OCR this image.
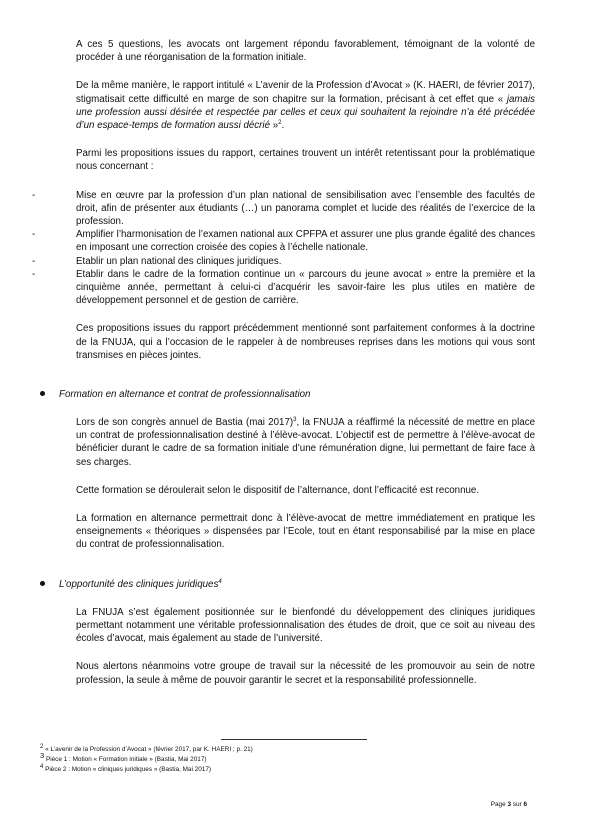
A ces 5 questions, les avocats ont largement répondu favorablement, témoignant de la volonté de procéder à une réorganisation de la formation initiale.

De la même manière, le rapport intitulé « L’avenir de la Profession d’Avocat » (K. HAERI, de février 2017), stigmatisait cette difficulté en marge de son chapitre sur la formation, précisant à cet effet que « jamais une profession aussi désirée et respectée par celles et ceux qui souhaitent la rejoindre n’a été précédée d’un espace-temps de formation aussi décrié »$^2$.

Parmi les propositions issues du rapport, certaines trouvent un intérêt retentissant pour la problématique nous concernant :

-	Mise en œuvre par la profession d’un plan national de sensibilisation avec l’ensemble des facultés de droit, afin de présenter aux étudiants (…) un panorama complet et lucide des réalités de l’exercice de la profession.
-	Amplifier l’harmonisation de l’examen national aux CPFPA et assurer une plus grande égalité des chances en imposant une correction croisée des copies à l’échelle nationale.
-	Etablir un plan national des cliniques juridiques.
-	Etablir dans le cadre de la formation continue un « parcours du jeune avocat » entre la première et la cinquième année, permettant à celui-ci d’acquérir les savoir-faire les plus utiles en matière de développement personnel et de gestion de carrière.

Ces propositions issues du rapport précédemment mentionné sont parfaitement conformes à la doctrine de la FNUJA, qui a l’occasion de le rappeler à de nombreuses reprises dans les motions qui vous sont transmises en pièces jointes.

Formation en alternance et contrat de professionnalisation

Lors de son congrès annuel de Bastia (mai 2017)$^3$, la FNUJA a réaffirmé la nécessité de mettre en place un contrat de professionnalisation destiné à l’élève-avocat. L’objectif est de permettre à l’élève-avocat de bénéficier durant le cadre de sa formation initiale d’une rémunération digne, lui permettant de faire face à ses charges.

Cette formation se déroulerait selon le dispositif de l’alternance, dont l’efficacité est reconnue.

La formation en alternance permettrait donc à l’élève-avocat de mettre immédiatement en pratique les enseignements « théoriques » dispensées par l’Ecole, tout en étant responsabilisé par la mise en place du contrat de professionnalisation.

L’opportunité des cliniques juridiques$^4$

La FNUJA s’est également positionnée sur le bienfondé du développement des cliniques juridiques permettant notamment une véritable professionnalisation des études de droit, que ce soit au niveau des écoles d’avocat, mais également au stade de l’université.

Nous alertons néanmoins votre groupe de travail sur la nécessité de les promouvoir au sein de notre profession, la seule à même de pouvoir garantir le secret et la responsabilité professionnelle.

$^2$ « L’avenir de la Profession d’Avocat » (février 2017, par K. HAERI ; p. 21)

$^3$ Pièce 1 : Motion « Formation initiale » (Bastia, Mai 2017)

$^4$ Pièce 2 : Motion « cliniques juridiques » (Bastia, Mai 2017)

Page 3 sur 6
